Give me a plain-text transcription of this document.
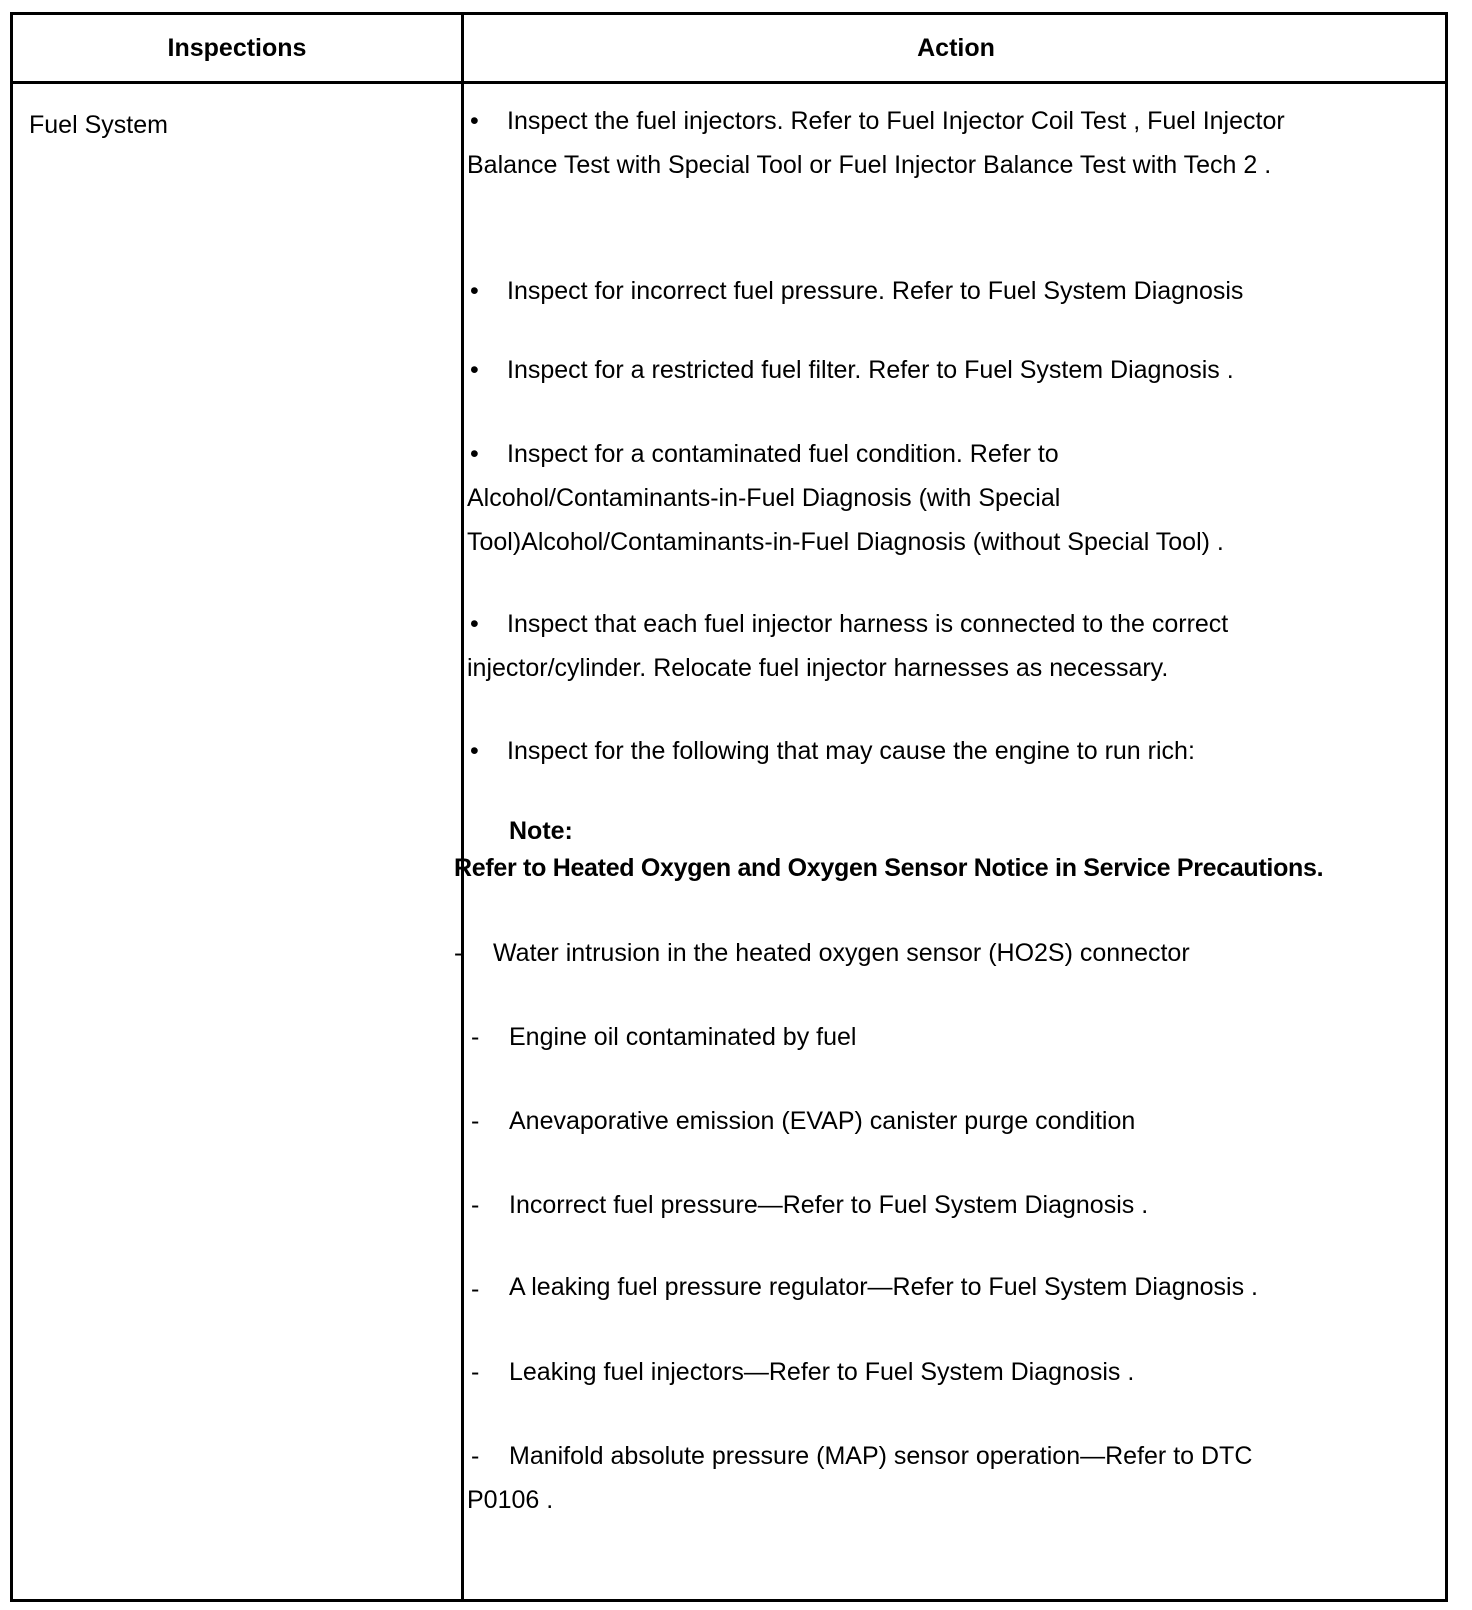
Inspections	Action
Fuel System	•	Inspect the fuel injectors. Refer to Fuel Injector Coil Test , Fuel Injector Balance Test with Special Tool or Fuel Injector Balance Test with Tech 2 .
•	Inspect for incorrect fuel pressure. Refer to Fuel System Diagnosis
•	Inspect for a restricted fuel filter. Refer to Fuel System Diagnosis .
•	Inspect for a contaminated fuel condition. Refer to Alcohol/Contaminants-in-Fuel Diagnosis (with Special Tool)Alcohol/Contaminants-in-Fuel Diagnosis (without Special Tool) .
•	Inspect that each fuel injector harness is connected to the correct injector/cylinder. Relocate fuel injector harnesses as necessary.
•	Inspect for the following that may cause the engine to run rich:
Note:
Refer to Heated Oxygen and Oxygen Sensor Notice in Service Precautions.
- Water intrusion in the heated oxygen sensor (HO2S) connector
- Engine oil contaminated by fuel
- Anevaporative emission (EVAP) canister purge condition
- Incorrect fuel pressure—Refer to Fuel System Diagnosis .
-	A leaking fuel pressure regulator—Refer to Fuel System Diagnosis .
- Leaking fuel injectors—Refer to Fuel System Diagnosis .
-	Manifold absolute pressure (MAP) sensor operation—Refer to DTC P0106 .
